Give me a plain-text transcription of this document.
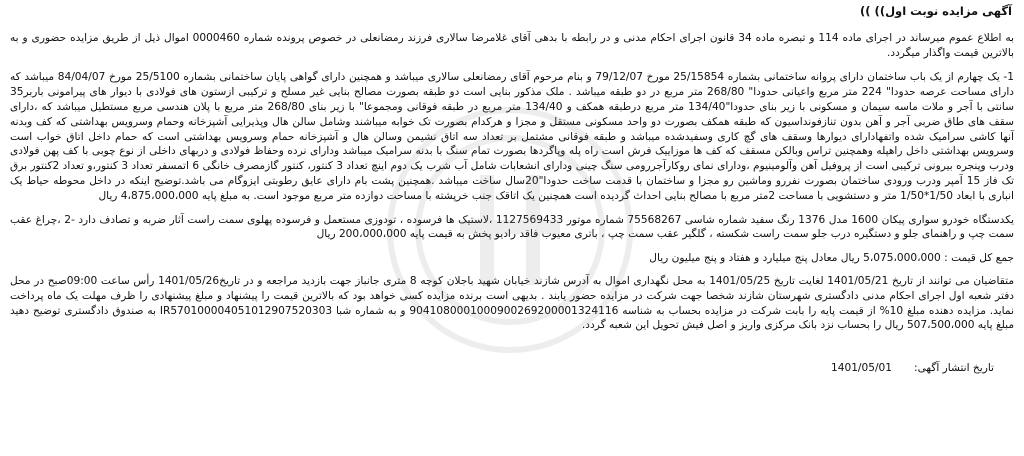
آگهی مزایده نوبت اول)) ))
به اطلاع عموم میرساند در اجرای ماده 114 و تبصره ماده 34 قانون اجرای احکام مدنی و در رابطه با بدهی آقای غلامرضا سالاری فرزند رمضانعلی در خصوص پرونده شماره 0000460 اموال ذیل از طریق مزایده حضوری و به بالاترین قیمت واگذار میگردد.
1- یک چهارم از یک باب ساختمان دارای پروانه ساختمانی بشماره 25/15854 مورخ 79/12/07 و بنام مرحوم آقای رمضانعلی سالاری میباشد و همچنین دارای گواهی پایان ساختمانی بشماره 25/5100 مورخ 84/04/07 میباشد که دارای مساحت عرصه حدودا" 224 متر مربع واعیانی حدودا" 268/80 متر مربع در دو طبقه میباشد . ملک مذکور بنایی است دو طبقه بصورت مصالح بنایی غیر مسلح و ترکیبی ازستون های فولادی با دیوار های پیرامونی باربر35 سانتی با آجر و ملات ماسه سیمان و مسکونی با زیر بنای حدودا"134/40 متر مربع درطبقه همکف و 134/40 متر مربع در طبقه فوقانی ومجموعا" با زیر بنای 268/80 متر مربع با پلان هندسی مربع مستطیل میباشد که ،دارای سقف های طاق ضربی آجر و آهن بدون تنازفونداسیون که طبقه همکف بصورت دو واحد مسکونی مستقل و مجزا و هرکدام بصورت تک خوابه میباشند وشامل سالن هال وپذیرایی آشپزخانه وحمام وسرویس بهداشتی که کف وبدنه آنها کاشی سرامیک شده واتفهادارای دیوارها وسقف های گچ کاری وسفیدشده میباشد و طبقه فوقانی مشتمل بر تعداد سه اتاق نشیمن وسالن هال و آشپزخانه حمام وسرویس بهداشتی است که حمام داخل اتاق خواب است وسرویس بهداشتی داخل راهپله وهمچنین تراس وبالکن مسقف که کف ها موزاییک فرش است راه پله وپاگردها بصورت تمام سنگ با بدنه سرامیک میباشد ودارای نرده وحفاظ فولادی و دربهای داخلی از نوع چوبی با کف پهن فولادی ودرب وپنجره بیرونی ترکیبی است از پروفیل آهن وآلومینیوم ،ودارای نمای روکارآجررومی سنگ چینی ودارای انشعابات شامل آب شرب یک دوم اینچ تعداد 3 کنتور، کنتور گازمصرف خانگی 6 اتمسفر تعداد 3 کنتور،و تعداد 2کنتور برق تک فاز 15 آمپر ودرب ورودی ساختمان بصورت نفررو وماشین رو مجزا و ساختمان با قدمت ساخت حدودا"20سال ساخت میباشد .همچنین پشت بام دارای عایق رطوبتی ایزوگام می باشد.توضیح اینکه در داخل محوطه حیاط یک انباری با ابعاد 1/50*1/50 متر و دستشویی با مساحت 2متر مربع با مصالح بنایی احداث گردیده است همچنین یک اتاقک جنب خرپشته با مساحت دوازده متر مربع موجود است. به مبلغ پایه 4،875،000،000 ریال
یکدستگاه خودرو سواری پیکان 1600 مدل 1376 رنگ سفید شماره شاسی 75568267 شماره موتور 1127569433 ،لاستیک ها فرسوده ، تودوزی مستعمل و فرسوده پهلوی سمت راست آثار ضربه و تصادف دارد -2 ،چراغ عقب سمت چپ و راهنمای جلو و دستگیره درب جلو سمت راست شکسته ، گلگیر عقب سمت چپ ، باتری معیوب فاقد رادیو پخش به قیمت پایه 200،000،000 ریال
جمع کل قیمت : 5،075،000،000 ریال معادل پنج میلیارد و هفتاد و پنج میلیون ریال
متقاضیان می توانند از تاریخ 1401/05/21 لغایت تاریخ 1401/05/25 به محل نگهداری اموال به آدرس شازند خیابان شهید باجلان کوچه 8 متری جانباز جهت بازدید مراجعه و در تاریخ1401/05/26 رأس ساعت 09:00صبح در محل دفتر شعبه اول اجرای احکام مدنی دادگستری شهرستان شازند شخصا جهت شرکت در مزایده حضور یابند . بدیهی است برنده مزایده کسی خواهد بود که بالاترین قیمت را پیشنهاد و مبلغ پیشنهادی را ظرف مهلت یک ماه پرداخت نماید. مزایده دهنده مبلغ 10% از قیمت پایه را بابت شرکت در مزایده بحساب به شناسه 9041080001000900269200001324116 و به شماره شبا IR570100004051012907520303 به صندوق دادگستری توضیح دهید مبلغ پایه 507،500،000 ریال را بحساب نزد بانک مرکزی واریز و اصل فیش تحویل این شعبه گردد.
تاریخ انتشار آگهی:1401/05/01
